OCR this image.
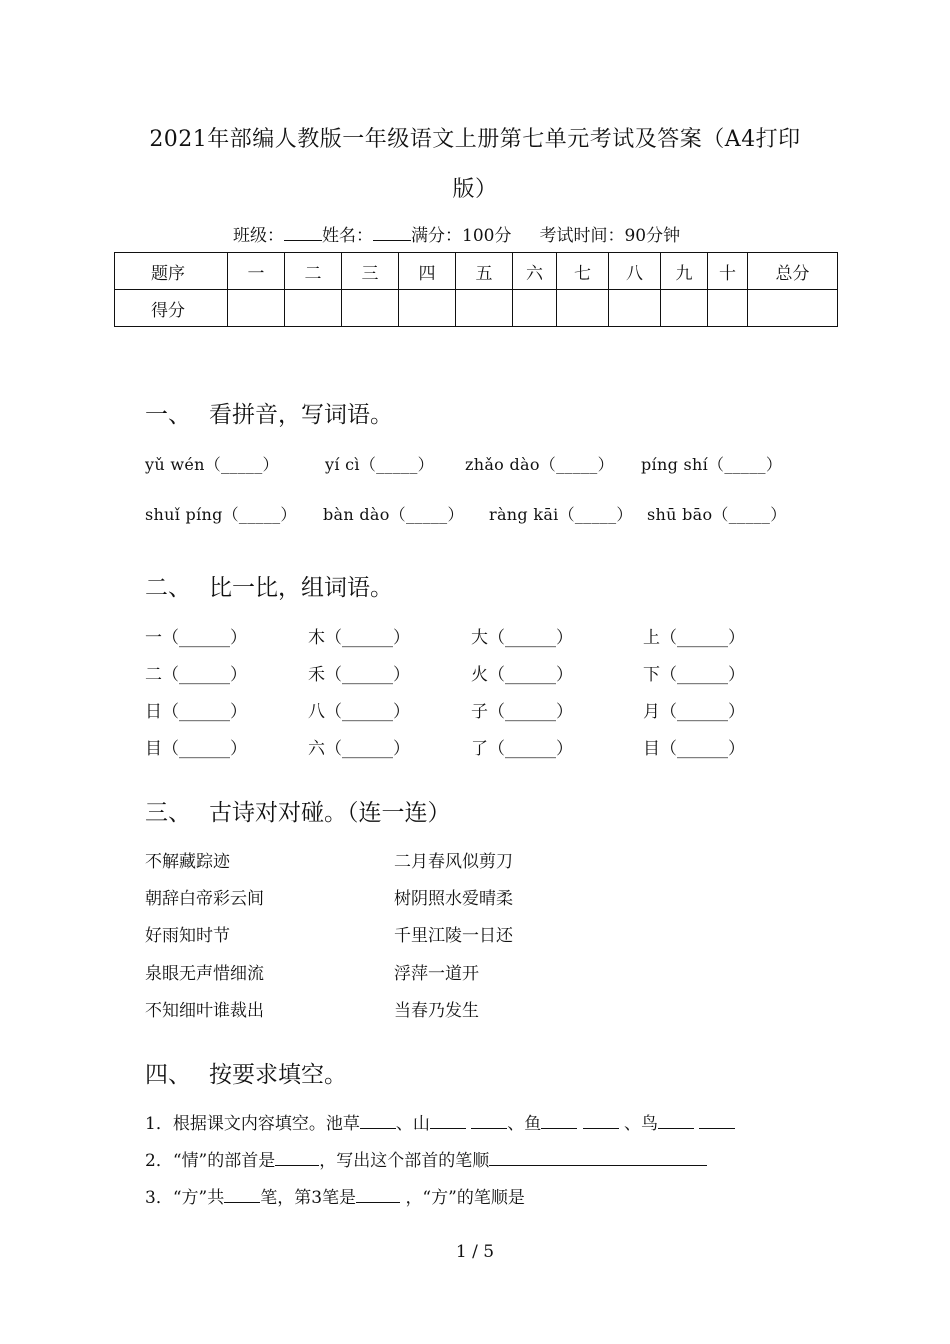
2021年部编人教版一年级语文上册第七单元考试及答案（A4打印
版）
班级： 姓名： 满分：100分 考试时间：90分钟
题序	一	二	三	四	五	六	七	八	九	十	总分
得分											
一、 看拼音，写词语。
yǔ wén（_____）	yí cì（_____） zhǎo dào（_____） píng shí（_____）
shuǐ píng（_____） bàn dào（_____） ràng kāi（_____） shū bāo（_____）
二、 比一比，组词语。
一（______）	木（______）	大（______）	上（______）
二（______）	禾（______）	火（______）	下（______）
日（______）	八（______）	子（______）	月（______）
目（______）	六（______）	了（______）	目（______）
三、 古诗对对碰。（连一连）
不解藏踪迹
朝辞白帝彩云间
好雨知时节
泉眼无声惜细流
不知细叶谁裁出
二月春风似剪刀
树阴照水爱晴柔
千里江陵一日还
浮萍一道开
当春乃发生
四、 按要求填空。
1．根据课文内容填空。池草 、山	、鱼	、鸟
2．“情”的部首是	，写出这个部首的笔顺
3．“方”共 笔，第3笔是	，“方”的笔顺是
1 / 5
